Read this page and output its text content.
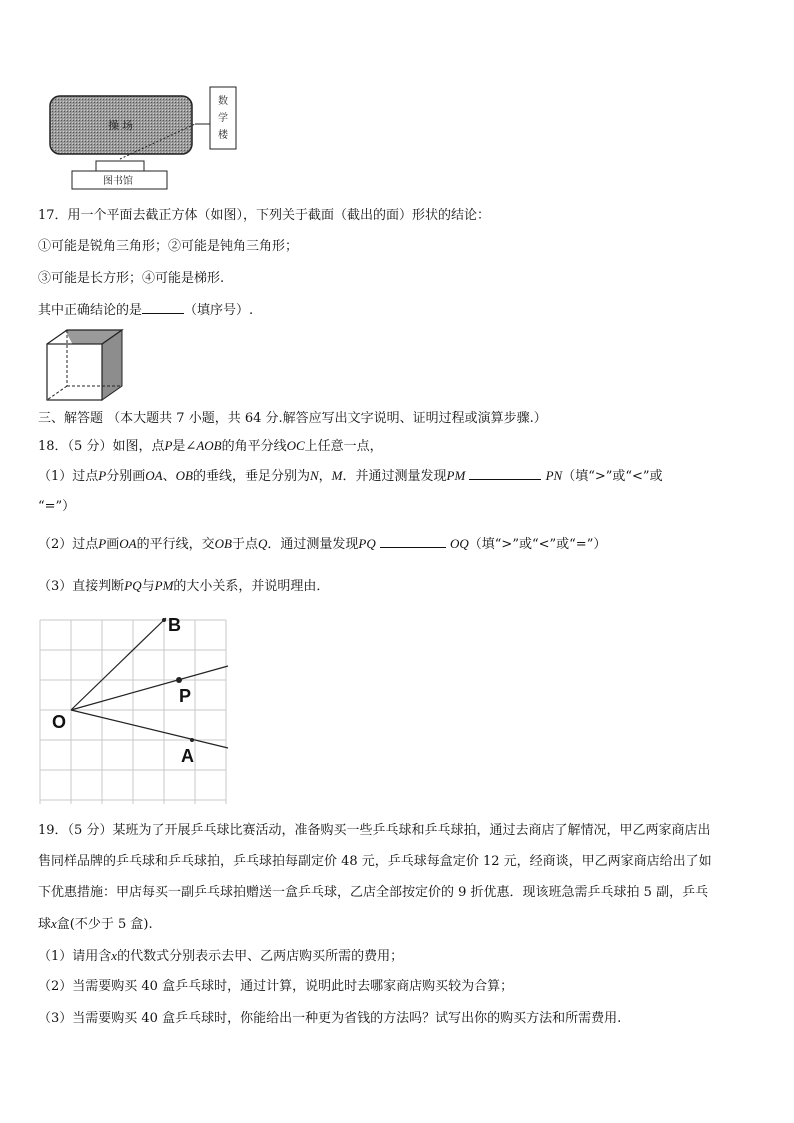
操 场
图书馆
数
学
楼
17．用一个平面去截正方体（如图），下列关于截面（截出的面）形状的结论：
①可能是锐角三角形；②可能是钝角三角形；
③可能是长方形；④可能是梯形.
其中正确结论的是	（填序号）.
三、解答题 （本大题共 7 小题，共 64 分.解答应写出文字说明、证明过程或演算步骤.）
18．（5 分）如图，点P是∠AOB的角平分线OC上任意一点，
（1）过点P分别画OA、OB的垂线，垂足分别为N，M．并通过测量发现PM	PN（填“>”或“<”或
“=”）
（2）过点P画OA的平行线，交OB于点Q．通过测量发现PQ	OQ（填“>”或“<”或“=”）
（3）直接判断PQ与PM的大小关系，并说明理由．
B
P
O
A
19．（5 分）某班为了开展乒乓球比赛活动，准备购买一些乒乓球和乒乓球拍，通过去商店了解情况，甲乙两家商店出
售同样品牌的乒乓球和乒乓球拍，乒乓球拍每副定价 48 元，乒乓球每盒定价 12 元，经商谈，甲乙两家商店给出了如
下优惠措施：甲店每买一副乒乓球拍赠送一盒乒乓球，乙店全部按定价的 9 折优惠．现该班急需乒乓球拍 5 副，乒乓
球x盒(不少于 5 盒).
（1）请用含x的代数式分别表示去甲、乙两店购买所需的费用；
（2）当需要购买 40 盒乒乓球时，通过计算，说明此时去哪家商店购买较为合算；
（3）当需要购买 40 盒乒乓球时，你能给出一种更为省钱的方法吗？试写出你的购买方法和所需费用.
